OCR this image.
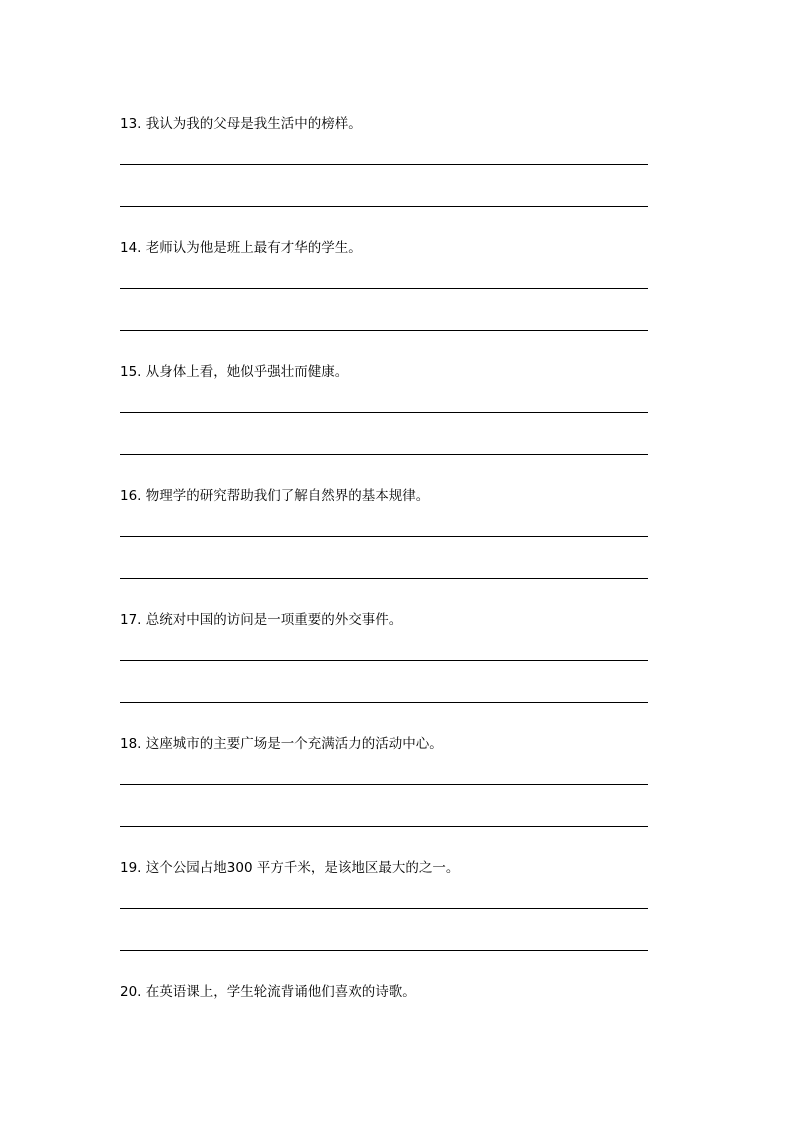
13. 我认为我的父母是我生活中的榜样。
14. 老师认为他是班上最有才华的学生。
15. 从身体上看，她似乎强壮而健康。
16. 物理学的研究帮助我们了解自然界的基本规律。
17. 总统对中国的访问是一项重要的外交事件。
18. 这座城市的主要广场是一个充满活力的活动中心。
19. 这个公园占地300 平方千米，是该地区最大的之一。
20. 在英语课上，学生轮流背诵他们喜欢的诗歌。
